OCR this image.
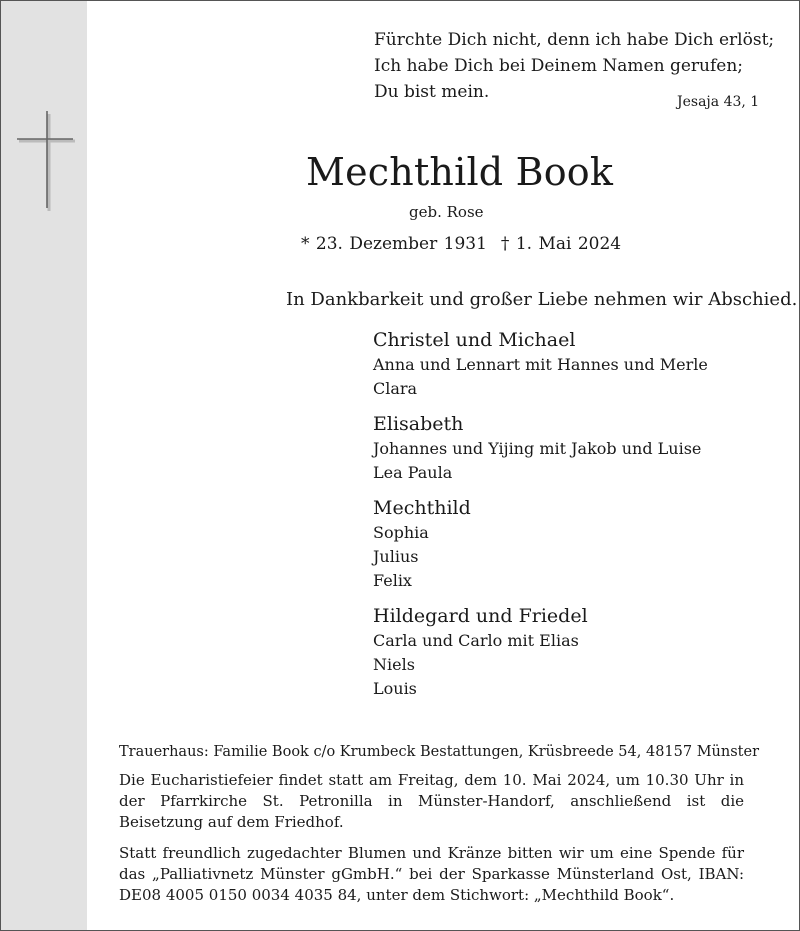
Fürchte Dich nicht, denn ich habe Dich erlöst;
Ich habe Dich bei Deinem Namen gerufen;
Du bist mein.	Jesaja 43, 1
Mechthild Book
geb. Rose
* 23. Dezember 1931 † 1. Mai 2024
In Dankbarkeit und großer Liebe nehmen wir Abschied.
Christel und Michael
Anna und Lennart mit Hannes und Merle
Clara
Elisabeth
Johannes und Yijing mit Jakob und Luise
Lea Paula
Mechthild
Sophia
Julius
Felix
Hildegard und Friedel
Carla und Carlo mit Elias
Niels
Louis
Trauerhaus: Familie Book c/o Krumbeck Bestattungen, Krüsbreede 54, 48157 Münster
Die Eucharistiefeier findet statt am Freitag, dem 10. Mai 2024, um 10.30 Uhr in der Pfarrkirche St. Petronilla in Münster-Handorf, anschließend ist die Beisetzung auf dem Friedhof.
Statt freundlich zugedachter Blumen und Kränze bitten wir um eine Spende für das „Palliativnetz Münster gGmbH.“ bei der Sparkasse Münsterland Ost, IBAN: DE08 4005 0150 0034 4035 84, unter dem Stichwort: „Mechthild Book“.
